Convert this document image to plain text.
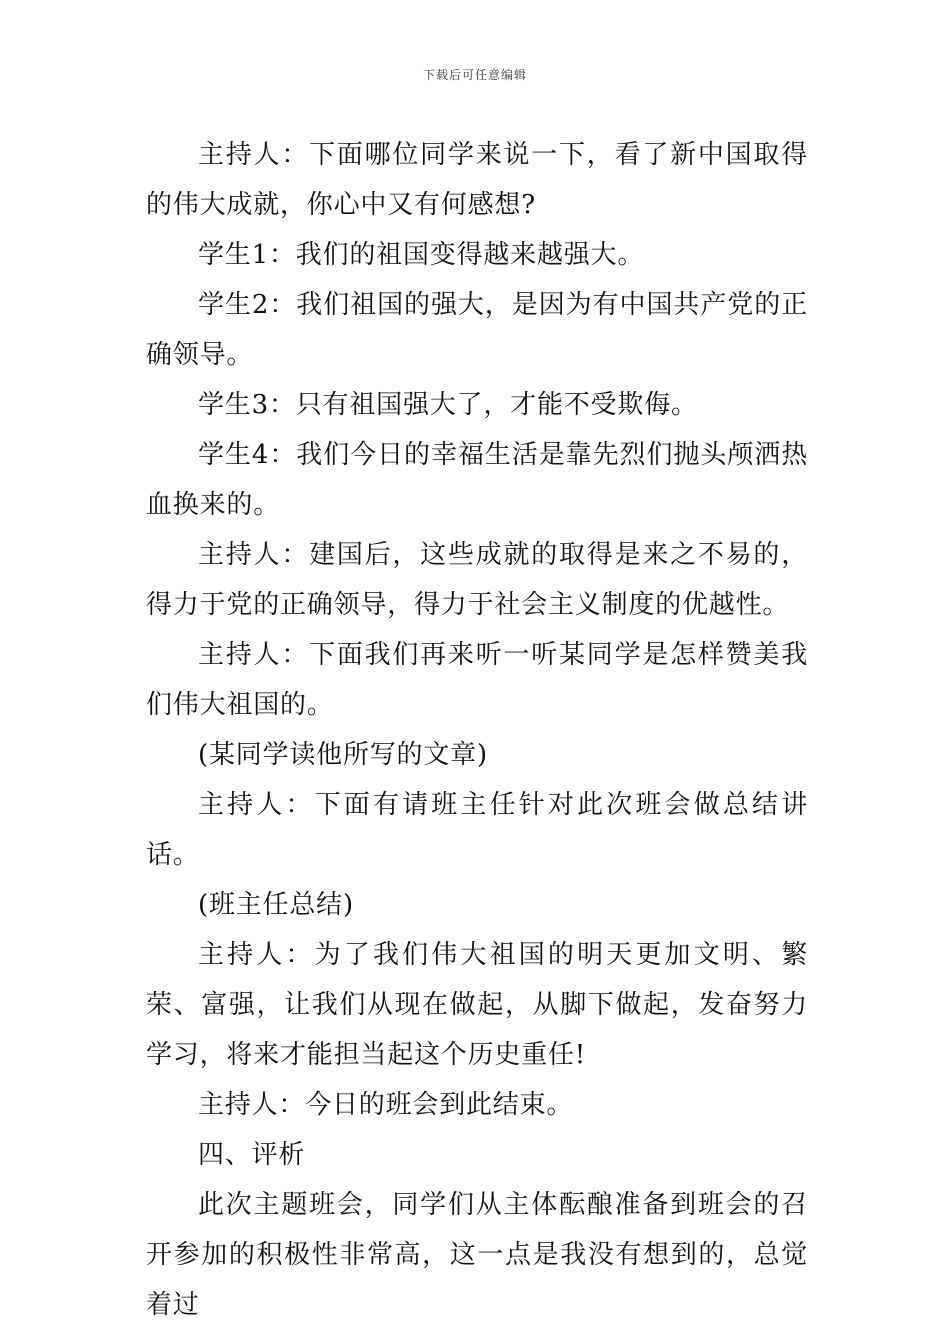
下载后可任意编辑

主持人：下面哪位同学来说一下，看了新中国取得的伟大成就，你心中又有何感想?

学生1：我们的祖国变得越来越强大。

学生2：我们祖国的强大，是因为有中国共产党的正确领导。

学生3：只有祖国强大了，才能不受欺侮。

学生4：我们今日的幸福生活是靠先烈们抛头颅洒热血换来的。

主持人：建国后，这些成就的取得是来之不易的，得力于党的正确领导，得力于社会主义制度的优越性。

主持人：下面我们再来听一听某同学是怎样赞美我们伟大祖国的。

(某同学读他所写的文章)

主持人：下面有请班主任针对此次班会做总结讲话。

(班主任总结)

主持人：为了我们伟大祖国的明天更加文明、繁荣、富强，让我们从现在做起，从脚下做起，发奋努力学习，将来才能担当起这个历史重任!

主持人：今日的班会到此结束。

四、评析

此次主题班会，同学们从主体酝酿准备到班会的召开参加的积极性非常高，这一点是我没有想到的，总觉着过
